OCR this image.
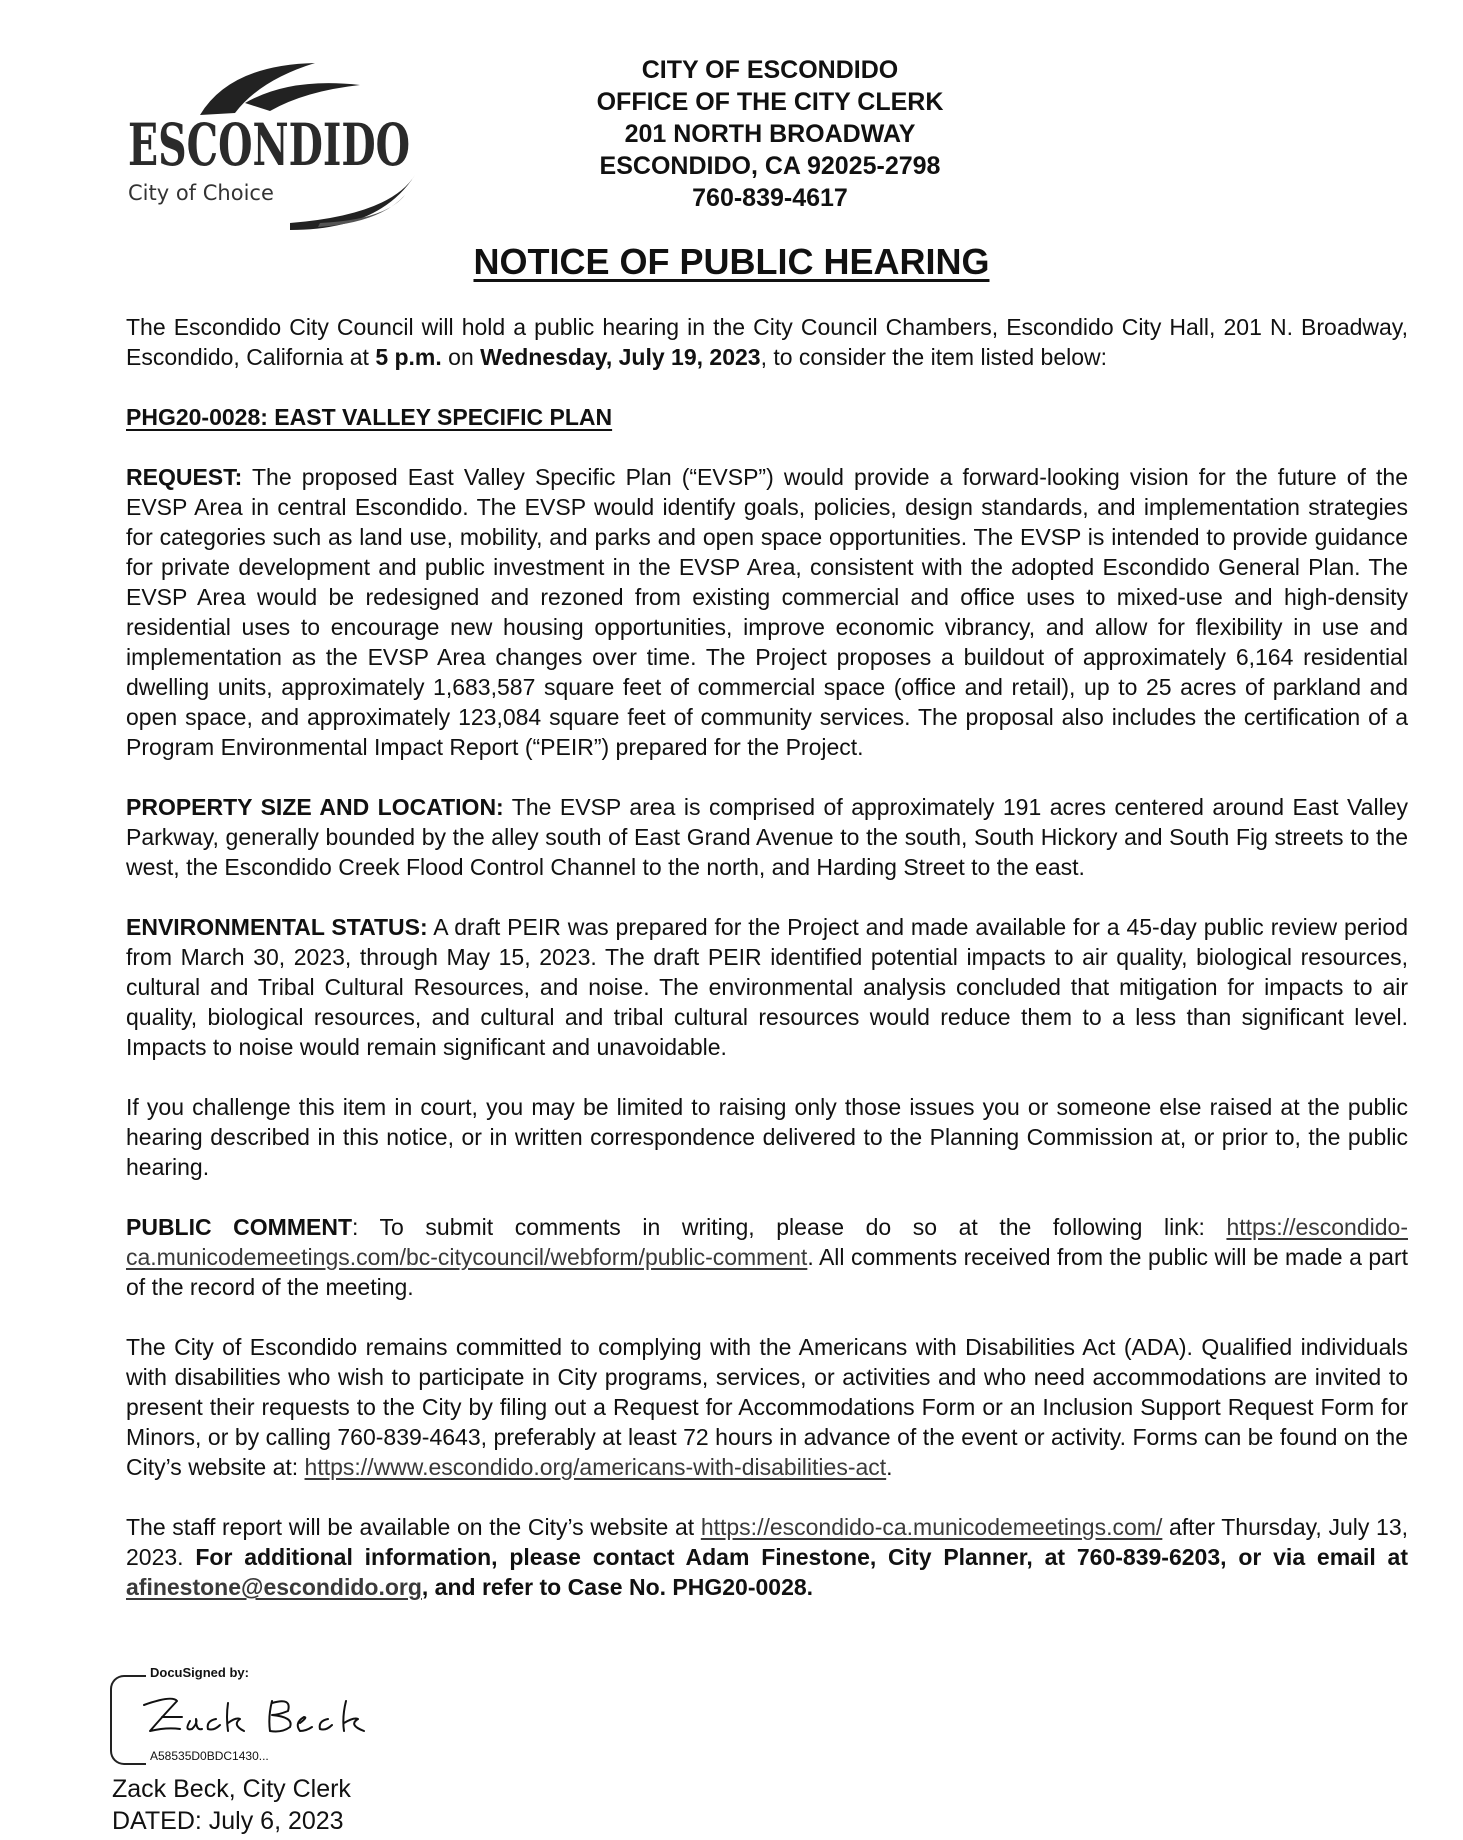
ESCONDIDO
City of Choice
CITY OF ESCONDIDO
OFFICE OF THE CITY CLERK
201 NORTH BROADWAY
ESCONDIDO, CA 92025-2798
760-839-4617
NOTICE OF PUBLIC HEARING

The Escondido City Council will hold a public hearing in the City Council Chambers, Escondido City Hall, 201 N. Broadway, Escondido, California at 5 p.m. on Wednesday, July 19, 2023, to consider the item listed below:

PHG20-0028: EAST VALLEY SPECIFIC PLAN

REQUEST: The proposed East Valley Specific Plan (“EVSP”) would provide a forward-looking vision for the future of the EVSP Area in central Escondido. The EVSP would identify goals, policies, design standards, and implementation strategies for categories such as land use, mobility, and parks and open space opportunities. The EVSP is intended to provide guidance for private development and public investment in the EVSP Area, consistent with the adopted Escondido General Plan. The EVSP Area would be redesigned and rezoned from existing commercial and office uses to mixed-use and high-density residential uses to encourage new housing opportunities, improve economic vibrancy, and allow for flexibility in use and implementation as the EVSP Area changes over time. The Project proposes a buildout of approximately 6,164 residential dwelling units, approximately 1,683,587 square feet of commercial space (office and retail), up to 25 acres of parkland and open space, and approximately 123,084 square feet of community services. The proposal also includes the certification of a Program Environmental Impact Report (“PEIR”) prepared for the Project.

PROPERTY SIZE AND LOCATION: The EVSP area is comprised of approximately 191 acres centered around East Valley Parkway, generally bounded by the alley south of East Grand Avenue to the south, South Hickory and South Fig streets to the west, the Escondido Creek Flood Control Channel to the north, and Harding Street to the east.

ENVIRONMENTAL STATUS: A draft PEIR was prepared for the Project and made available for a 45-day public review period from March 30, 2023, through May 15, 2023. The draft PEIR identified potential impacts to air quality, biological resources, cultural and Tribal Cultural Resources, and noise. The environmental analysis concluded that mitigation for impacts to air quality, biological resources, and cultural and tribal cultural resources would reduce them to a less than significant level. Impacts to noise would remain significant and unavoidable.

If you challenge this item in court, you may be limited to raising only those issues you or someone else raised at the public hearing described in this notice, or in written correspondence delivered to the Planning Commission at, or prior to, the public hearing.

PUBLIC COMMENT: To submit comments in writing, please do so at the following link: https://escondido-ca.municodemeetings.com/bc-citycouncil/webform/public-comment. All comments received from the public will be made a part of the record of the meeting.

The City of Escondido remains committed to complying with the Americans with Disabilities Act (ADA). Qualified individuals with disabilities who wish to participate in City programs, services, or activities and who need accommodations are invited to present their requests to the City by filing out a Request for Accommodations Form or an Inclusion Support Request Form for Minors, or by calling 760-839-4643, preferably at least 72 hours in advance of the event or activity. Forms can be found on the City’s website at: https://www.escondido.org/americans-with-disabilities-act.

The staff report will be available on the City’s website at https://escondido-ca.municodemeetings.com/ after Thursday, July 13, 2023. For additional information, please contact Adam Finestone, City Planner, at 760-839-6203, or via email at afinestone@escondido.org, and refer to Case No. PHG20-0028.

DocuSigned by:
A58535D0BDC1430...
Zack Beck, City Clerk
DATED: July 6, 2023
